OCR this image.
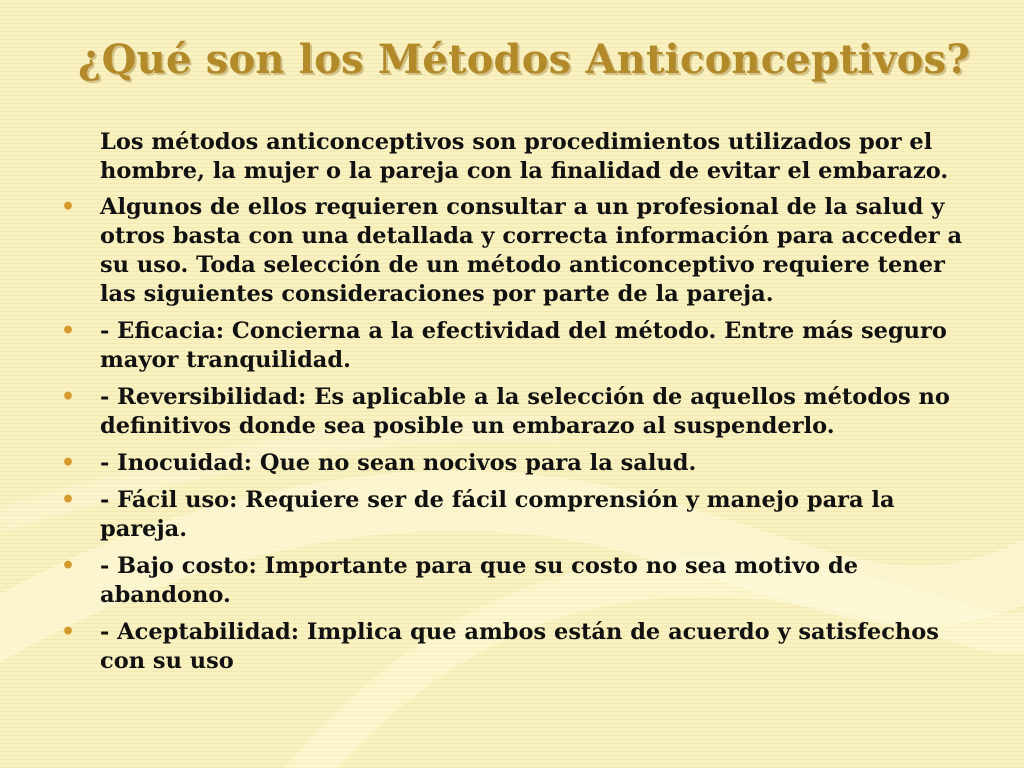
¿Qué son los Métodos Anticonceptivos?

Los métodos anticonceptivos son procedimientos utilizados por el hombre, la mujer o la pareja con la finalidad de evitar el embarazo.

• Algunos de ellos requieren consultar a un profesional de la salud y otros basta con una detallada y correcta información para acceder a su uso. Toda selección de un método anticonceptivo requiere tener las siguientes consideraciones por parte de la pareja.

• - Eficacia: Concierna a la efectividad del método. Entre más seguro mayor tranquilidad.

• - Reversibilidad: Es aplicable a la selección de aquellos métodos no definitivos donde sea posible un embarazo al suspenderlo.

• - Inocuidad: Que no sean nocivos para la salud.

• - Fácil uso: Requiere ser de fácil comprensión y manejo para la pareja.

• - Bajo costo: Importante para que su costo no sea motivo de abandono.

• - Aceptabilidad: Implica que ambos están de acuerdo y satisfechos con su uso
